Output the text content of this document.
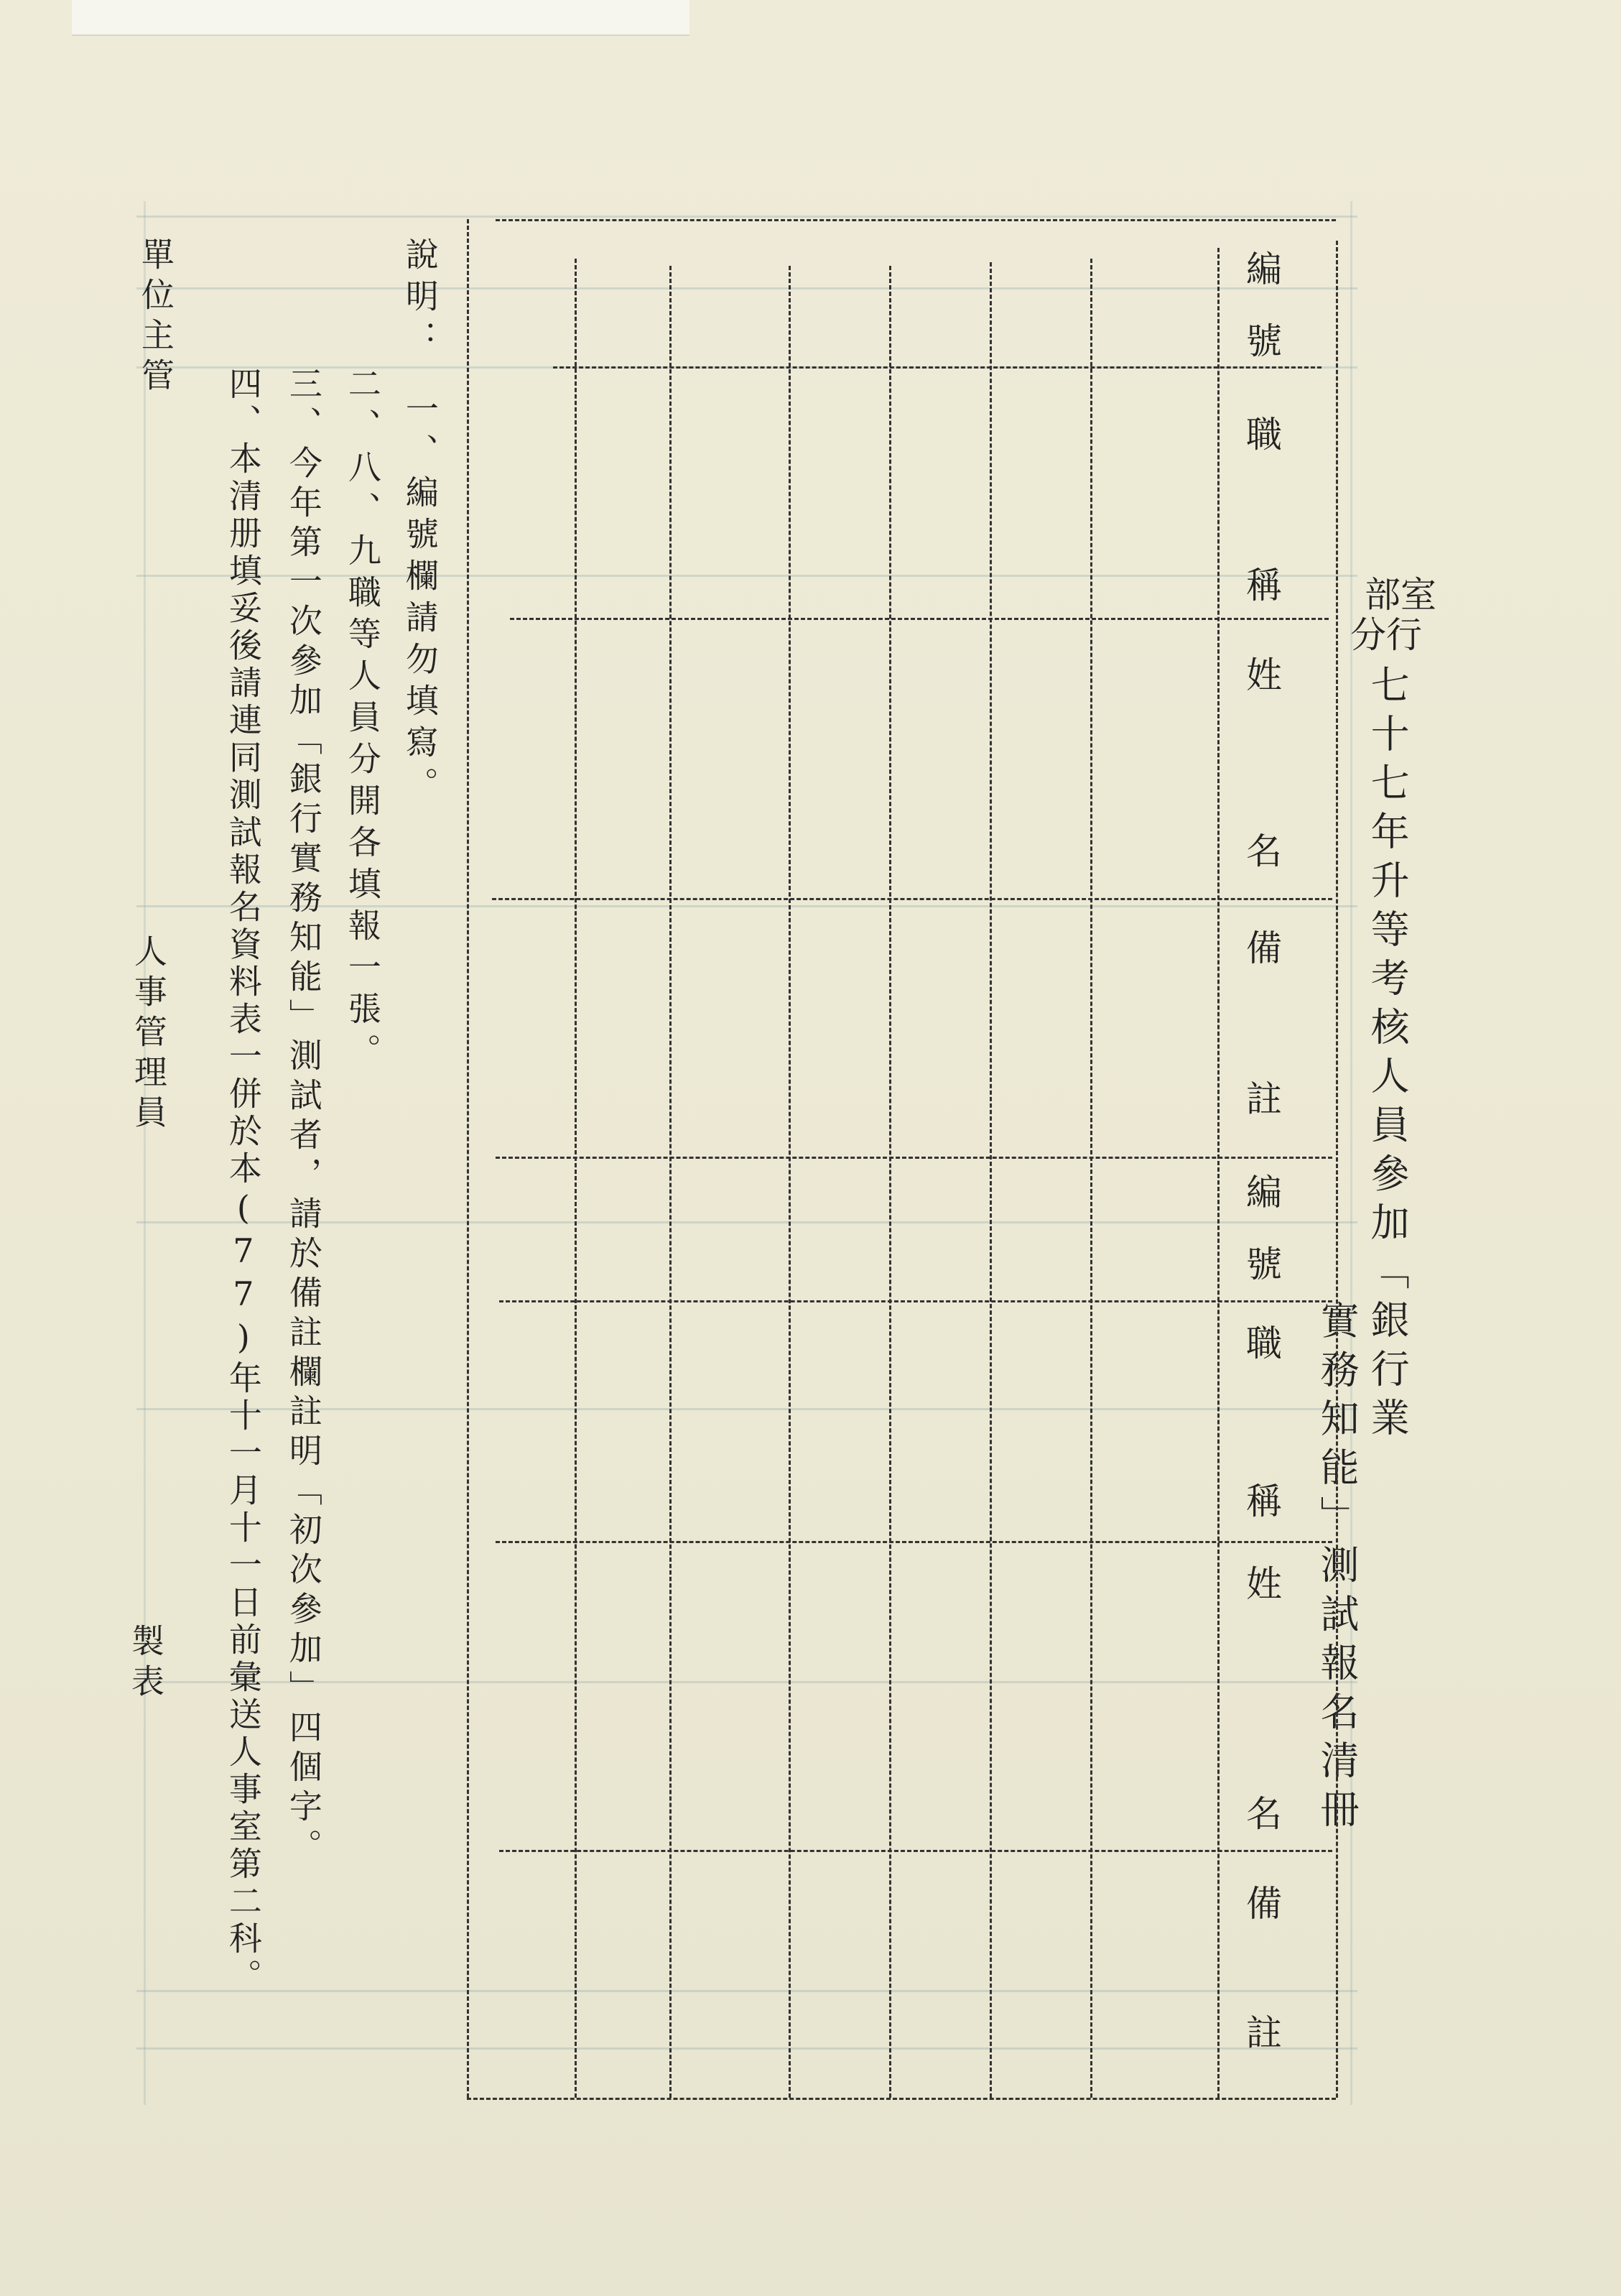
部室
分行
七十七年升等考核人員參加「銀行業
實務知能」測試報名清冊
編
號
職
稱
姓
名
備
註
編
號
職
稱
姓
名
備
註
說明：
一、編號欄請勿填寫。
二、八、九職等人員分開各填報一張。
三、今年第一次參加「銀行實務知能」測試者，請於備註欄註明「初次參加」四個字。
四、本清册填妥後請連同測試報名資料表一併於本(77)年十一月十一日前彙送人事室第二科。
單位主管
人事管理員
製表
